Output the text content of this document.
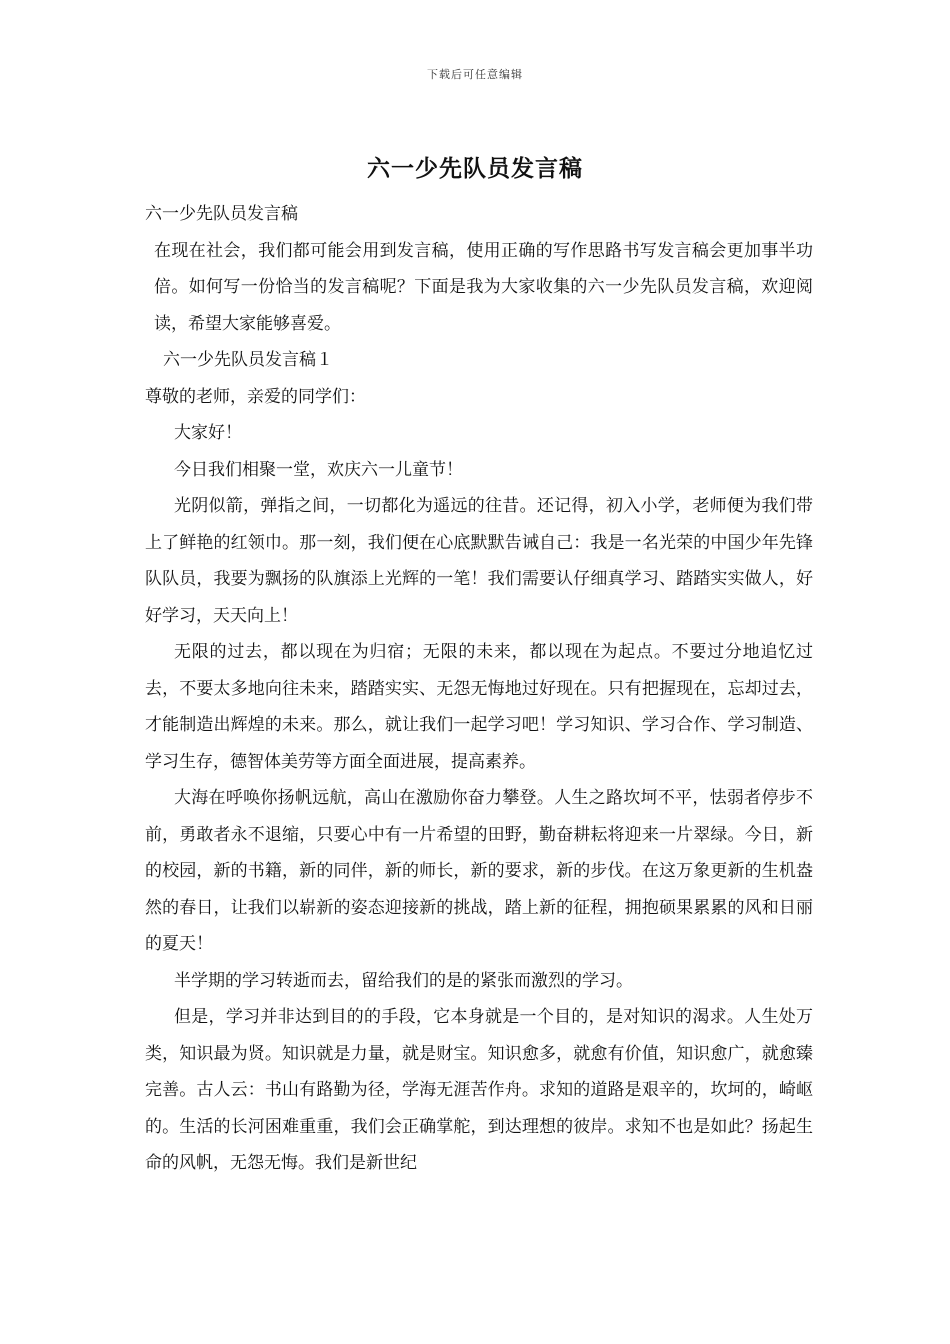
下载后可任意编辑
六一少先队员发言稿

六一少先队员发言稿

在现在社会，我们都可能会用到发言稿，使用正确的写作思路书写发言稿会更加事半功倍。如何写一份恰当的发言稿呢？下面是我为大家收集的六一少先队员发言稿，欢迎阅读，希望大家能够喜爱。

六一少先队员发言稿１

尊敬的老师，亲爱的同学们：

大家好！

今日我们相聚一堂，欢庆六一儿童节！

光阴似箭，弹指之间，一切都化为遥远的往昔。还记得，初入小学，老师便为我们带上了鲜艳的红领巾。那一刻，我们便在心底默默告诫自己：我是一名光荣的中国少年先锋队队员，我要为飘扬的队旗添上光辉的一笔！我们需要认仔细真学习、踏踏实实做人，好好学习，天天向上！

无限的过去，都以现在为归宿；无限的未来，都以现在为起点。不要过分地追忆过去，不要太多地向往未来，踏踏实实、无怨无悔地过好现在。只有把握现在，忘却过去，才能制造出辉煌的未来。那么，就让我们一起学习吧！学习知识、学习合作、学习制造、学习生存，德智体美劳等方面全面进展，提高素养。

大海在呼唤你扬帆远航，高山在激励你奋力攀登。人生之路坎坷不平，怯弱者停步不前，勇敢者永不退缩，只要心中有一片希望的田野，勤奋耕耘将迎来一片翠绿。今日，新的校园，新的书籍，新的同伴，新的师长，新的要求，新的步伐。在这万象更新的生机盎然的春日，让我们以崭新的姿态迎接新的挑战，踏上新的征程，拥抱硕果累累的风和日丽的夏天！

半学期的学习转逝而去，留给我们的是的紧张而激烈的学习。

但是，学习并非达到目的的手段，它本身就是一个目的，是对知识的渴求。人生处万类，知识最为贤。知识就是力量，就是财宝。知识愈多，就愈有价值，知识愈广，就愈臻完善。古人云：书山有路勤为径，学海无涯苦作舟。求知的道路是艰辛的，坎坷的，崎岖的。生活的长河困难重重，我们会正确掌舵，到达理想的彼岸。求知不也是如此？扬起生命的风帆，无怨无悔。我们是新世纪
